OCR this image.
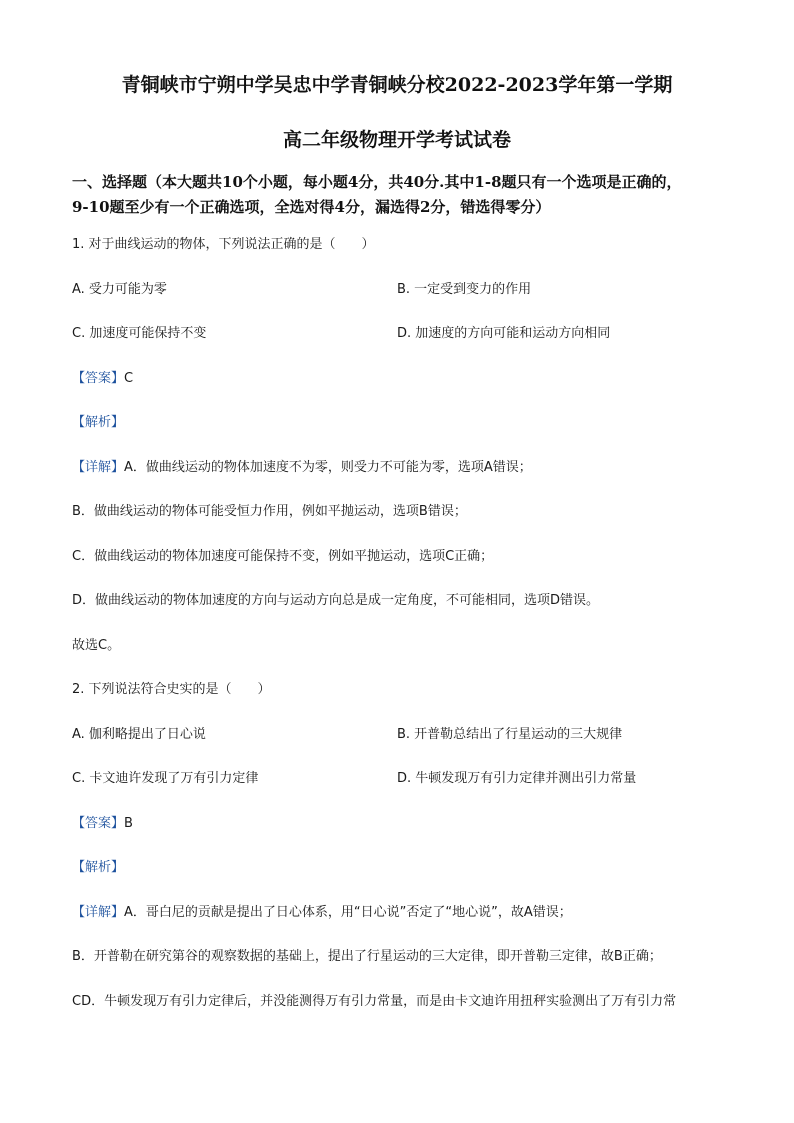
青铜峡市宁朔中学吴忠中学青铜峡分校2022-2023学年第一学期
高二年级物理开学考试试卷
一、选择题（本大题共10个小题，每小题4分，共40分.其中1-8题只有一个选项是正确的，
9-10题至少有一个正确选项，全选对得4分，漏选得2分，错选得零分）
1. 对于曲线运动的物体，下列说法正确的是（　　）
A. 受力可能为零	B. 一定受到变力的作用
C. 加速度可能保持不变	D. 加速度的方向可能和运动方向相同
【答案】C
【解析】
【详解】A．做曲线运动的物体加速度不为零，则受力不可能为零，选项A错误；
B．做曲线运动的物体可能受恒力作用，例如平抛运动，选项B错误；
C．做曲线运动的物体加速度可能保持不变，例如平抛运动，选项C正确；
D．做曲线运动的物体加速度的方向与运动方向总是成一定角度，不可能相同，选项D错误。
故选C。
2. 下列说法符合史实的是（　　）
A. 伽利略提出了日心说	B. 开普勒总结出了行星运动的三大规律
C. 卡文迪许发现了万有引力定律	D. 牛顿发现万有引力定律并测出引力常量
【答案】B
【解析】
【详解】A．哥白尼的贡献是提出了日心体系，用“日心说”否定了“地心说”，故A错误；
B．开普勒在研究第谷的观察数据的基础上，提出了行星运动的三大定律，即开普勒三定律，故B正确；
CD．牛顿发现万有引力定律后，并没能测得万有引力常量，而是由卡文迪许用扭秤实验测出了万有引力常
